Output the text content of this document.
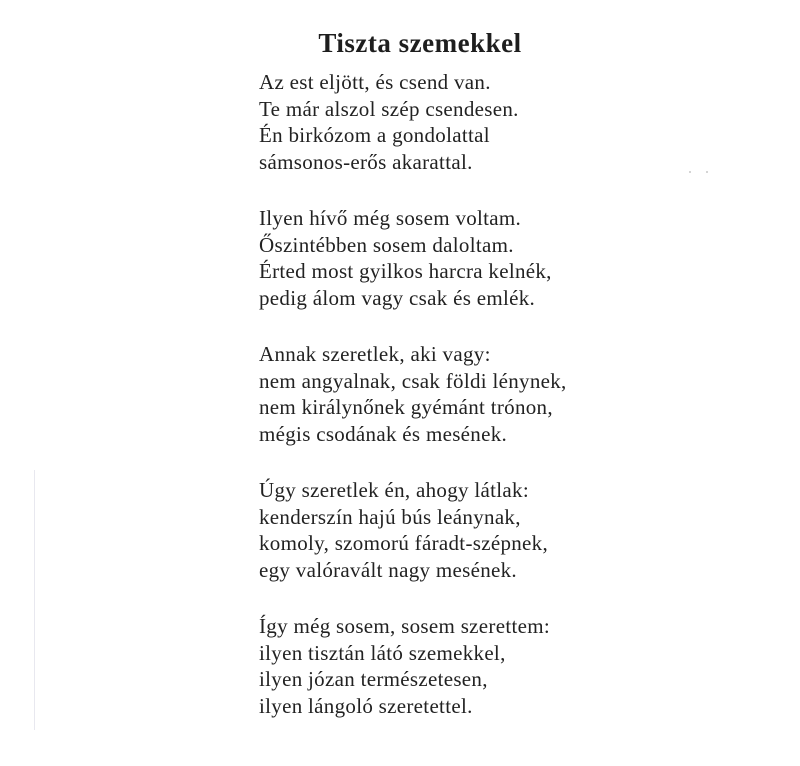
Tiszta szemekkel
Az est eljött, és csend van.
Te már alszol szép csendesen.
Én birkózom a gondolattal
sámsonos-erős akarattal.
Ilyen hívő még sosem voltam.
Őszintébben sosem daloltam.
Érted most gyilkos harcra kelnék,
pedig álom vagy csak és emlék.
Annak szeretlek, aki vagy:
nem angyalnak, csak földi lénynek,
nem királynőnek gyémánt trónon,
mégis csodának és mesének.
Úgy szeretlek én, ahogy látlak:
kenderszín hajú bús leánynak,
komoly, szomorú fáradt-szépnek,
egy valóravált nagy mesének.
Így még sosem, sosem szerettem:
ilyen tisztán látó szemekkel,
ilyen józan természetesen,
ilyen lángoló szeretettel.
